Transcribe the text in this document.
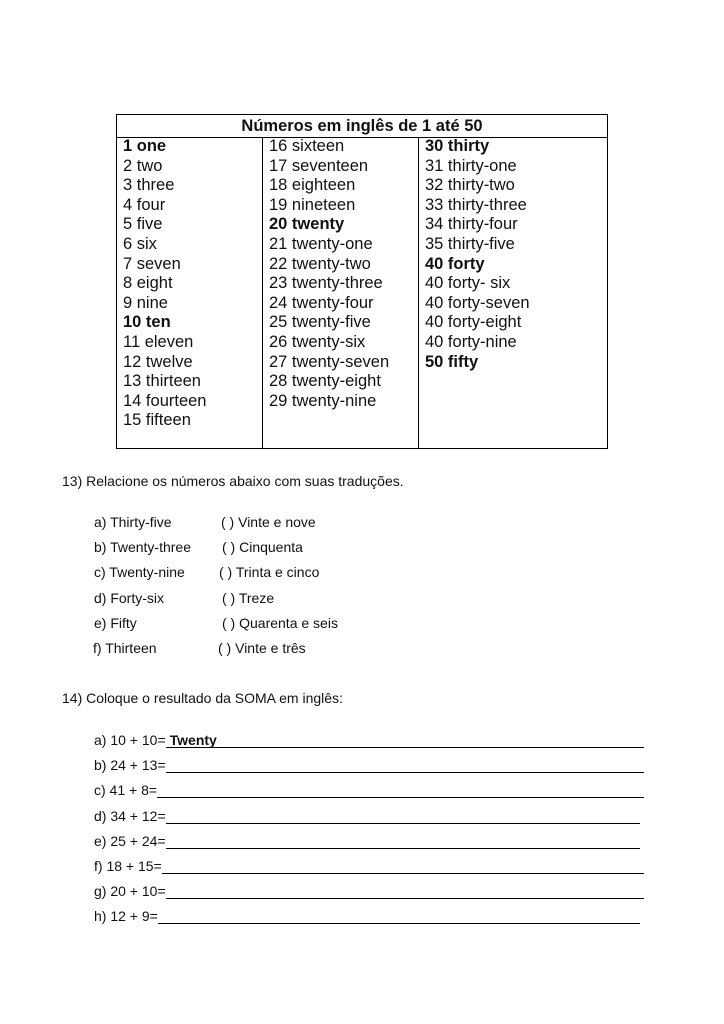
Números em inglês de 1 até 50
1 one
2 two
3 three
4 four
5 five
6 six
7 seven
8 eight
9 nine
10 ten
11 eleven
12 twelve
13 thirteen
14 fourteen
15 fifteen
16 sixteen
17 seventeen
18 eighteen
19 nineteen
20 twenty
21 twenty-one
22 twenty-two
23 twenty-three
24 twenty-four
25 twenty-five
26 twenty-six
27 twenty-seven
28 twenty-eight
29 twenty-nine
30 thirty
31 thirty-one
32 thirty-two
33 thirty-three
34 thirty-four
35 thirty-five
40 forty
40 forty- six
40 forty-seven
40 forty-eight
40 forty-nine
50 fifty
13) Relacione os números abaixo com suas traduções.
a) Thirty-five	( ) Vinte e nove
b) Twenty-three ( ) Cinquenta
c) Twenty-nine ( ) Trinta e cinco
d) Forty-six	( ) Treze
e) Fifty	( ) Quarenta e seis
f) Thirteen	( ) Vinte e três
14) Coloque o resultado da SOMA em inglês:
a) 10 + 10= Twenty
b) 24 + 13=
c) 41 + 8=
d) 34 + 12=
e) 25 + 24=
f) 18 + 15=
g) 20 + 10=
h) 12 + 9=
